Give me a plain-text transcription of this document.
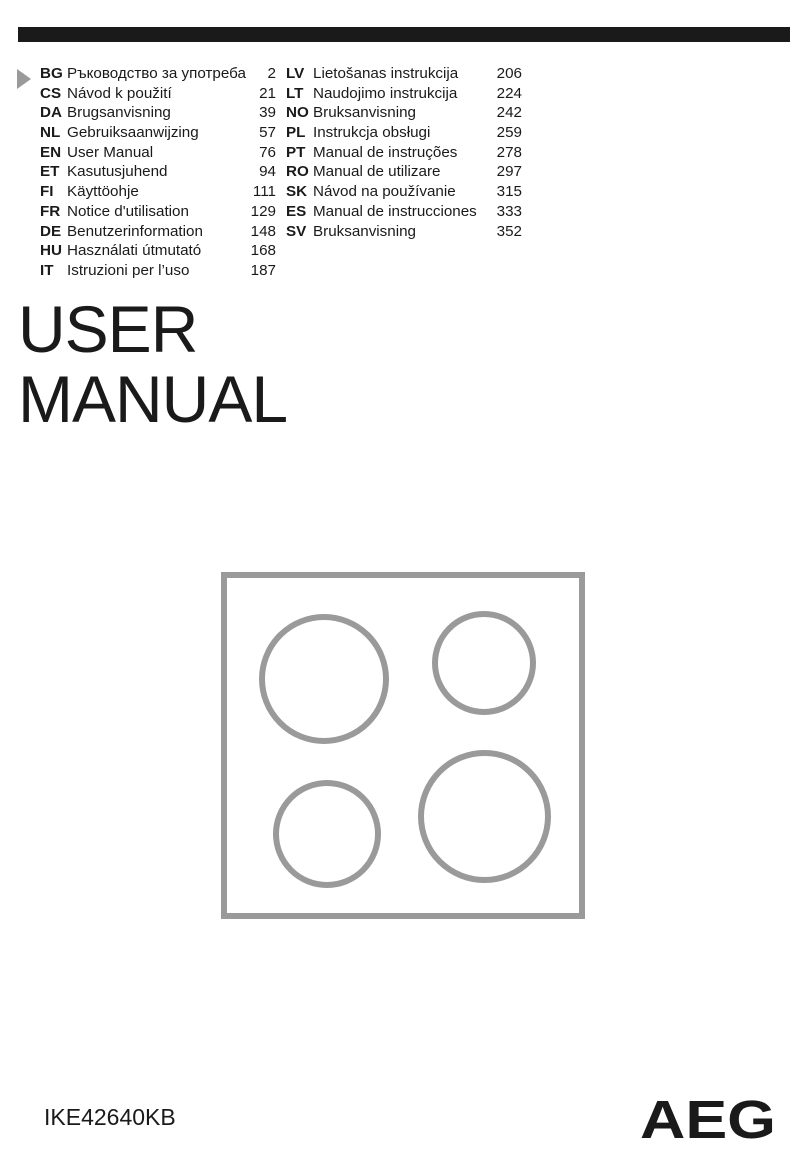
BG Ръководство за употреба	2
CS Návod k použití	21
DA Brugsanvisning	39
NL Gebruiksaanwijzing	57
EN User Manual	76
ET Kasutusjuhend	94
FI Käyttöohje	111
FR Notice d'utilisation	129
DE Benutzerinformation	148
HU Használati útmutató	168
IT Istruzioni per l’uso	187
LV Lietošanas instrukcija	206
LT Naudojimo instrukcija	224
NO Bruksanvisning	242
PL Instrukcja obsługi	259
PT Manual de instruções	278
RO Manual de utilizare	297
SK Návod na používanie	315
ES Manual de instrucciones	333
SV Bruksanvisning	352
USER
MANUAL
IKE42640KB	AEG
